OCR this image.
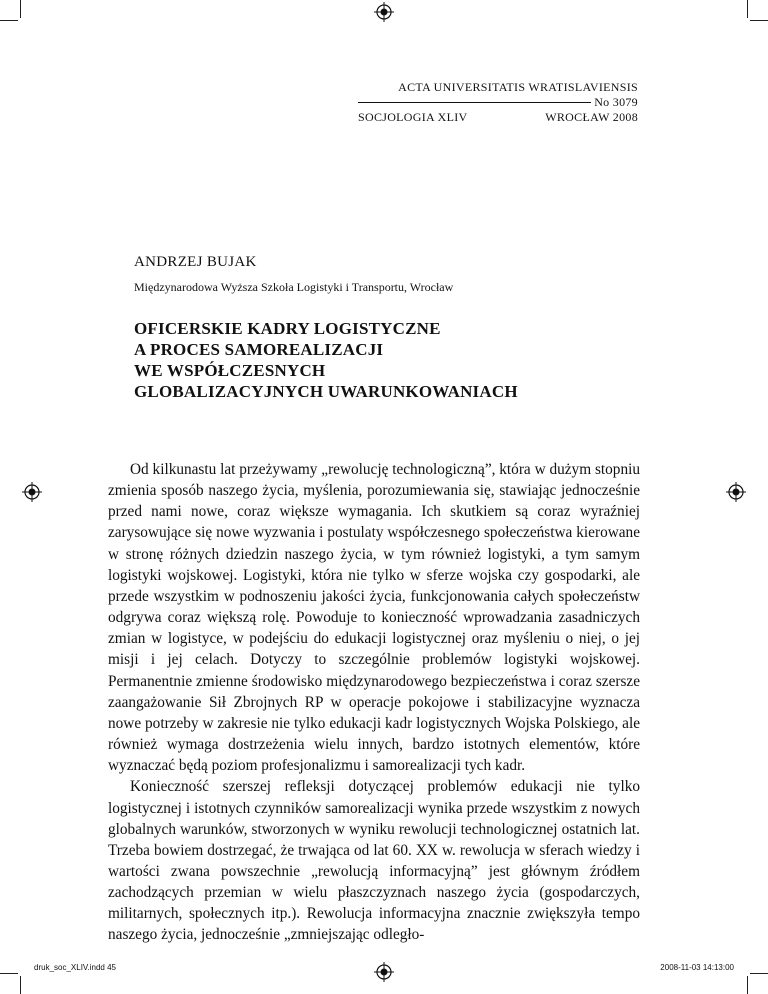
ACTA UNIVERSITATIS WRATISLAVIENSIS
No 3079
SOCJOLOGIA XLIV	WROCŁAW 2008
ANDRZEJ BUJAK
Międzynarodowa Wyższa Szkoła Logistyki i Transportu, Wrocław
OFICERSKIE KADRY LOGISTYCZNE
A PROCES SAMOREALIZACJI
WE WSPÓŁCZESNYCH
GLOBALIZACYJNYCH UWARUNKOWANIACH

Od kilkunastu lat przeżywamy „rewolucję technologiczną”, która w dużym stopniu zmienia sposób naszego życia, myślenia, porozumiewania się, stawiając jednocześnie przed nami nowe, coraz większe wymagania. Ich skutkiem są coraz wyraźniej zarysowujące się nowe wyzwania i postulaty współczesnego społeczeństwa kierowane w stronę różnych dziedzin naszego życia, w tym również logistyki, a tym samym logistyki wojskowej. Logistyki, która nie tylko w sferze wojska czy gospodarki, ale przede wszystkim w podnoszeniu jakości życia, funkcjonowania całych społeczeństw odgrywa coraz większą rolę. Powoduje to konieczność wprowadzania zasadniczych zmian w logistyce, w podejściu do edukacji logistycznej oraz myśleniu o niej, o jej misji i jej celach. Dotyczy to szczególnie problemów logistyki wojskowej. Permanentnie zmienne środowisko międzynarodowego bezpieczeństwa i coraz szersze zaangażowanie Sił Zbrojnych RP w operacje pokojowe i stabilizacyjne wyznacza nowe potrzeby w zakresie nie tylko edukacji kadr logistycznych Wojska Polskiego, ale również wymaga dostrzeżenia wielu innych, bardzo istotnych elementów, które wyznaczać będą poziom profesjonalizmu i samorealizacji tych kadr.

Konieczność szerszej refleksji dotyczącej problemów edukacji nie tylko logistycznej i istotnych czynników samorealizacji wynika przede wszystkim z nowych globalnych warunków, stworzonych w wyniku rewolucji technologicznej ostatnich lat. Trzeba bowiem dostrzegać, że trwająca od lat 60. XX w. rewolucja w sferach wiedzy i wartości zwana powszechnie „rewolucją informacyjną” jest głównym źródłem zachodzących przemian w wielu płaszczyznach naszego życia (gospodarczych, militarnych, społecznych itp.). Rewolucja informacyjna znacznie zwiększyła tempo naszego życia, jednocześnie „zmniejszając odległo-

druk_soc_XLIV.indd 45	2008-11-03 14:13:00
